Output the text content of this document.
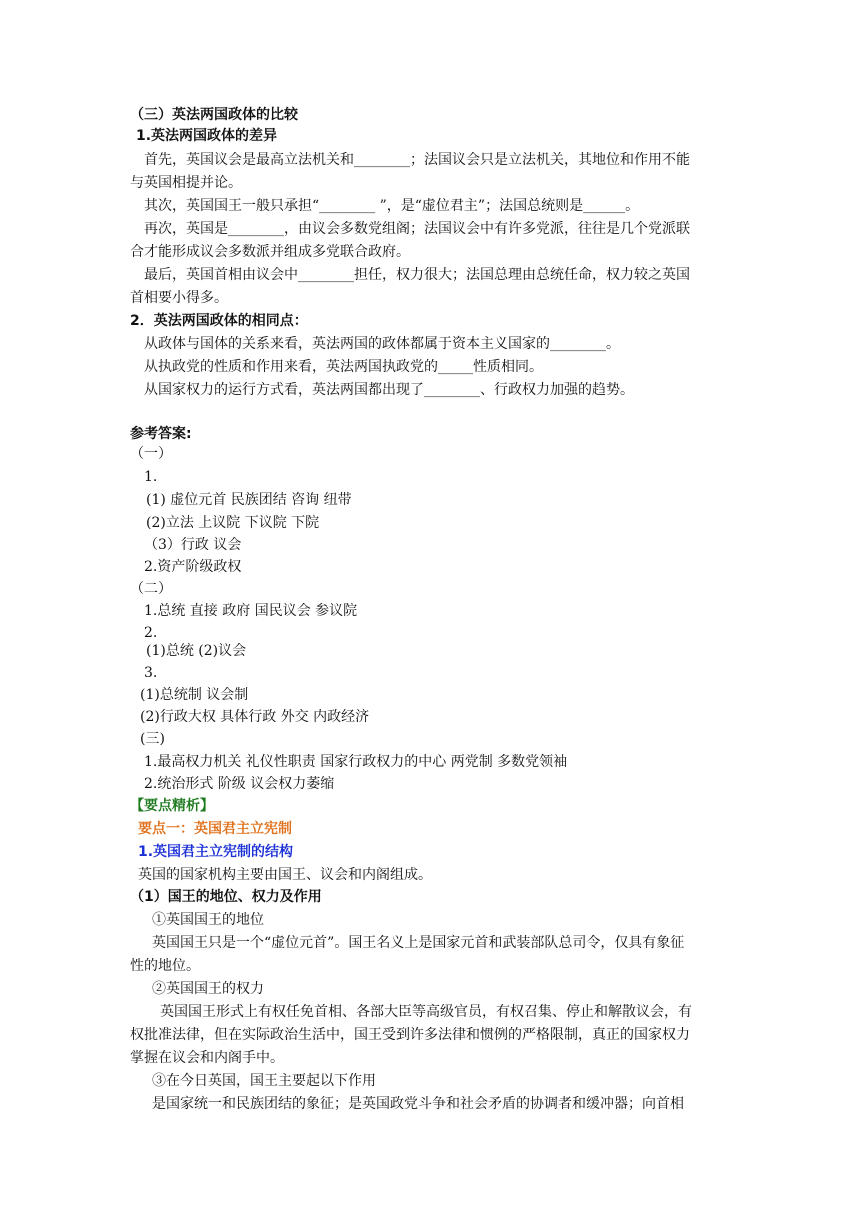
（三）英法两国政体的比较
1.英法两国政体的差异
首先，英国议会是最高立法机关和________；法国议会只是立法机关，其地位和作用不能
与英国相提并论。
其次，英国国王一般只承担“________ ”，是“虚位君主”；法国总统则是______。
再次，英国是________，由议会多数党组阁；法国议会中有许多党派，往往是几个党派联
合才能形成议会多数派并组成多党联合政府。
最后，英国首相由议会中________担任，权力很大；法国总理由总统任命，权力较之英国
首相要小得多。
2．英法两国政体的相同点：
从政体与国体的关系来看，英法两国的政体都属于资本主义国家的________。
从执政党的性质和作用来看，英法两国执政党的_____性质相同。
从国家权力的运行方式看，英法两国都出现了________、行政权力加强的趋势。
参考答案:
（一）
1.
(1) 虚位元首 民族团结 咨询 纽带
(2)立法 上议院 下议院 下院
（3）行政 议会
2.资产阶级政权
（二）
1.总统 直接 政府 国民议会 参议院
2.
(1)总统 (2)议会
3.
(1)总统制 议会制
(2)行政大权 具体行政 外交 内政经济
(三)
1.最高权力机关 礼仪性职责 国家行政权力的中心 两党制 多数党领袖
2.统治形式 阶级 议会权力萎缩
【要点精析】
要点一：英国君主立宪制
1.英国君主立宪制的结构
英国的国家机构主要由国王、议会和内阁组成。
（1）国王的地位、权力及作用
①英国国王的地位
英国国王只是一个“虚位元首”。国王名义上是国家元首和武装部队总司令，仅具有象征
性的地位。
②英国国王的权力
英国国王形式上有权任免首相、各部大臣等高级官员，有权召集、停止和解散议会，有
权批准法律，但在实际政治生活中，国王受到许多法律和惯例的严格限制，真正的国家权力
掌握在议会和内阁手中。
③在今日英国，国王主要起以下作用
是国家统一和民族团结的象征；是英国政党斗争和社会矛盾的协调者和缓冲器；向首相
